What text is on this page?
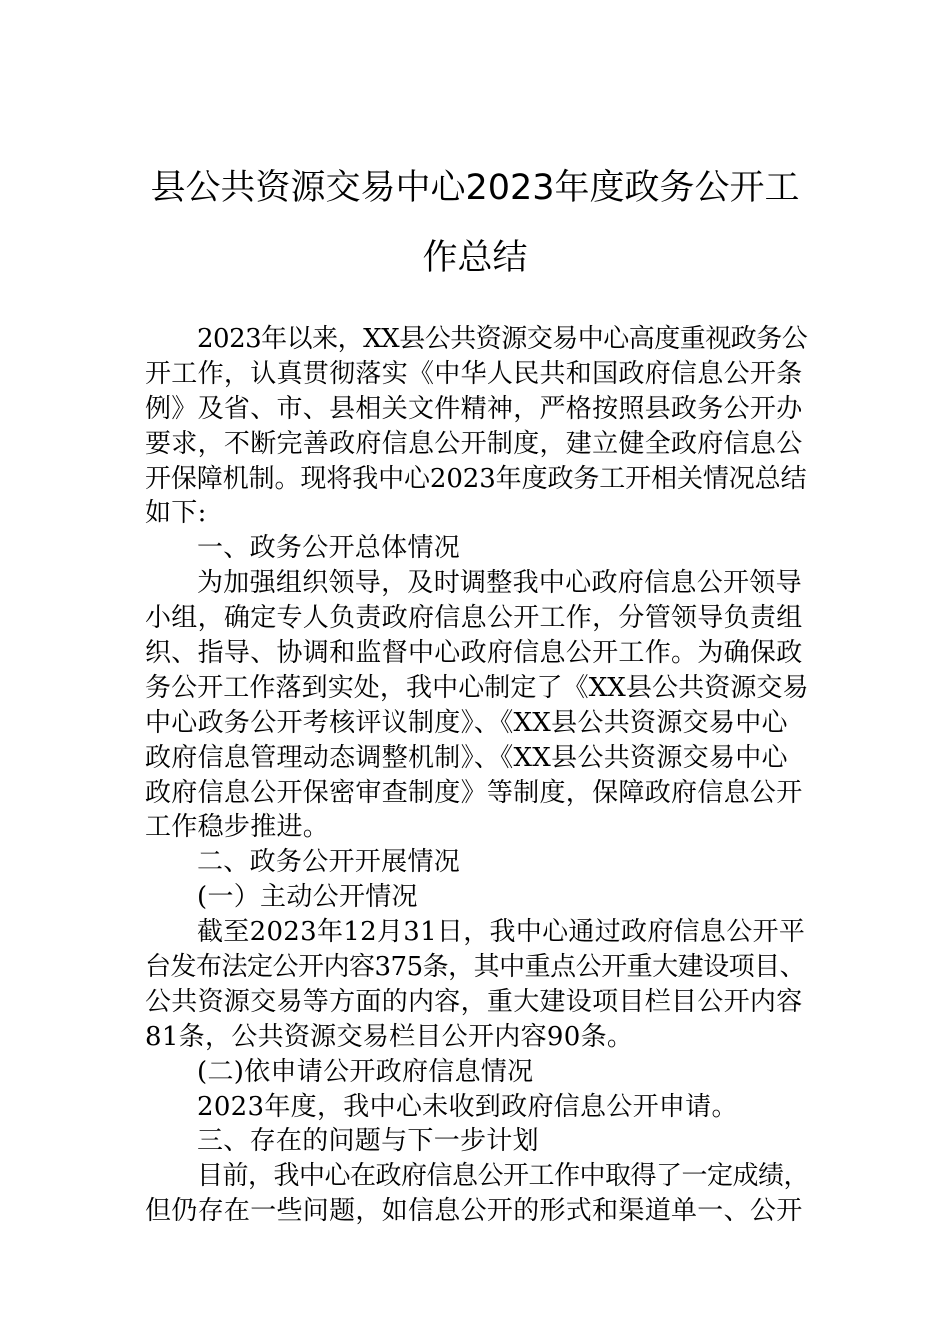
县公共资源交易中心2023年度政务公开工
作总结
2023年以来，XX县公共资源交易中心高度重视政务公
开工作，认真贯彻落实《中华人民共和国政府信息公开条
例》及省、市、县相关文件精神，严格按照县政务公开办
要求，不断完善政府信息公开制度，建立健全政府信息公
开保障机制。现将我中心2023年度政务工开相关情况总结
如下:
一、政务公开总体情况
为加强组织领导，及时调整我中心政府信息公开领导
小组，确定专人负责政府信息公开工作，分管领导负责组
织、指导、协调和监督中心政府信息公开工作。为确保政
务公开工作落到实处，我中心制定了《XX县公共资源交易
中心政务公开考核评议制度》、《XX县公共资源交易中心
政府信息管理动态调整机制》、《XX县公共资源交易中心
政府信息公开保密审查制度》等制度，保障政府信息公开
工作稳步推进。
二、政务公开开展情况
(一）主动公开情况
截至2023年12月31日，我中心通过政府信息公开平
台发布法定公开内容375条，其中重点公开重大建设项目、
公共资源交易等方面的内容，重大建设项目栏目公开内容
81条，公共资源交易栏目公开内容90条。
(二)依申请公开政府信息情况
2023年度，我中心未收到政府信息公开申请。
三、存在的问题与下一步计划
目前，我中心在政府信息公开工作中取得了一定成绩，
但仍存在一些问题，如信息公开的形式和渠道单一、公开
